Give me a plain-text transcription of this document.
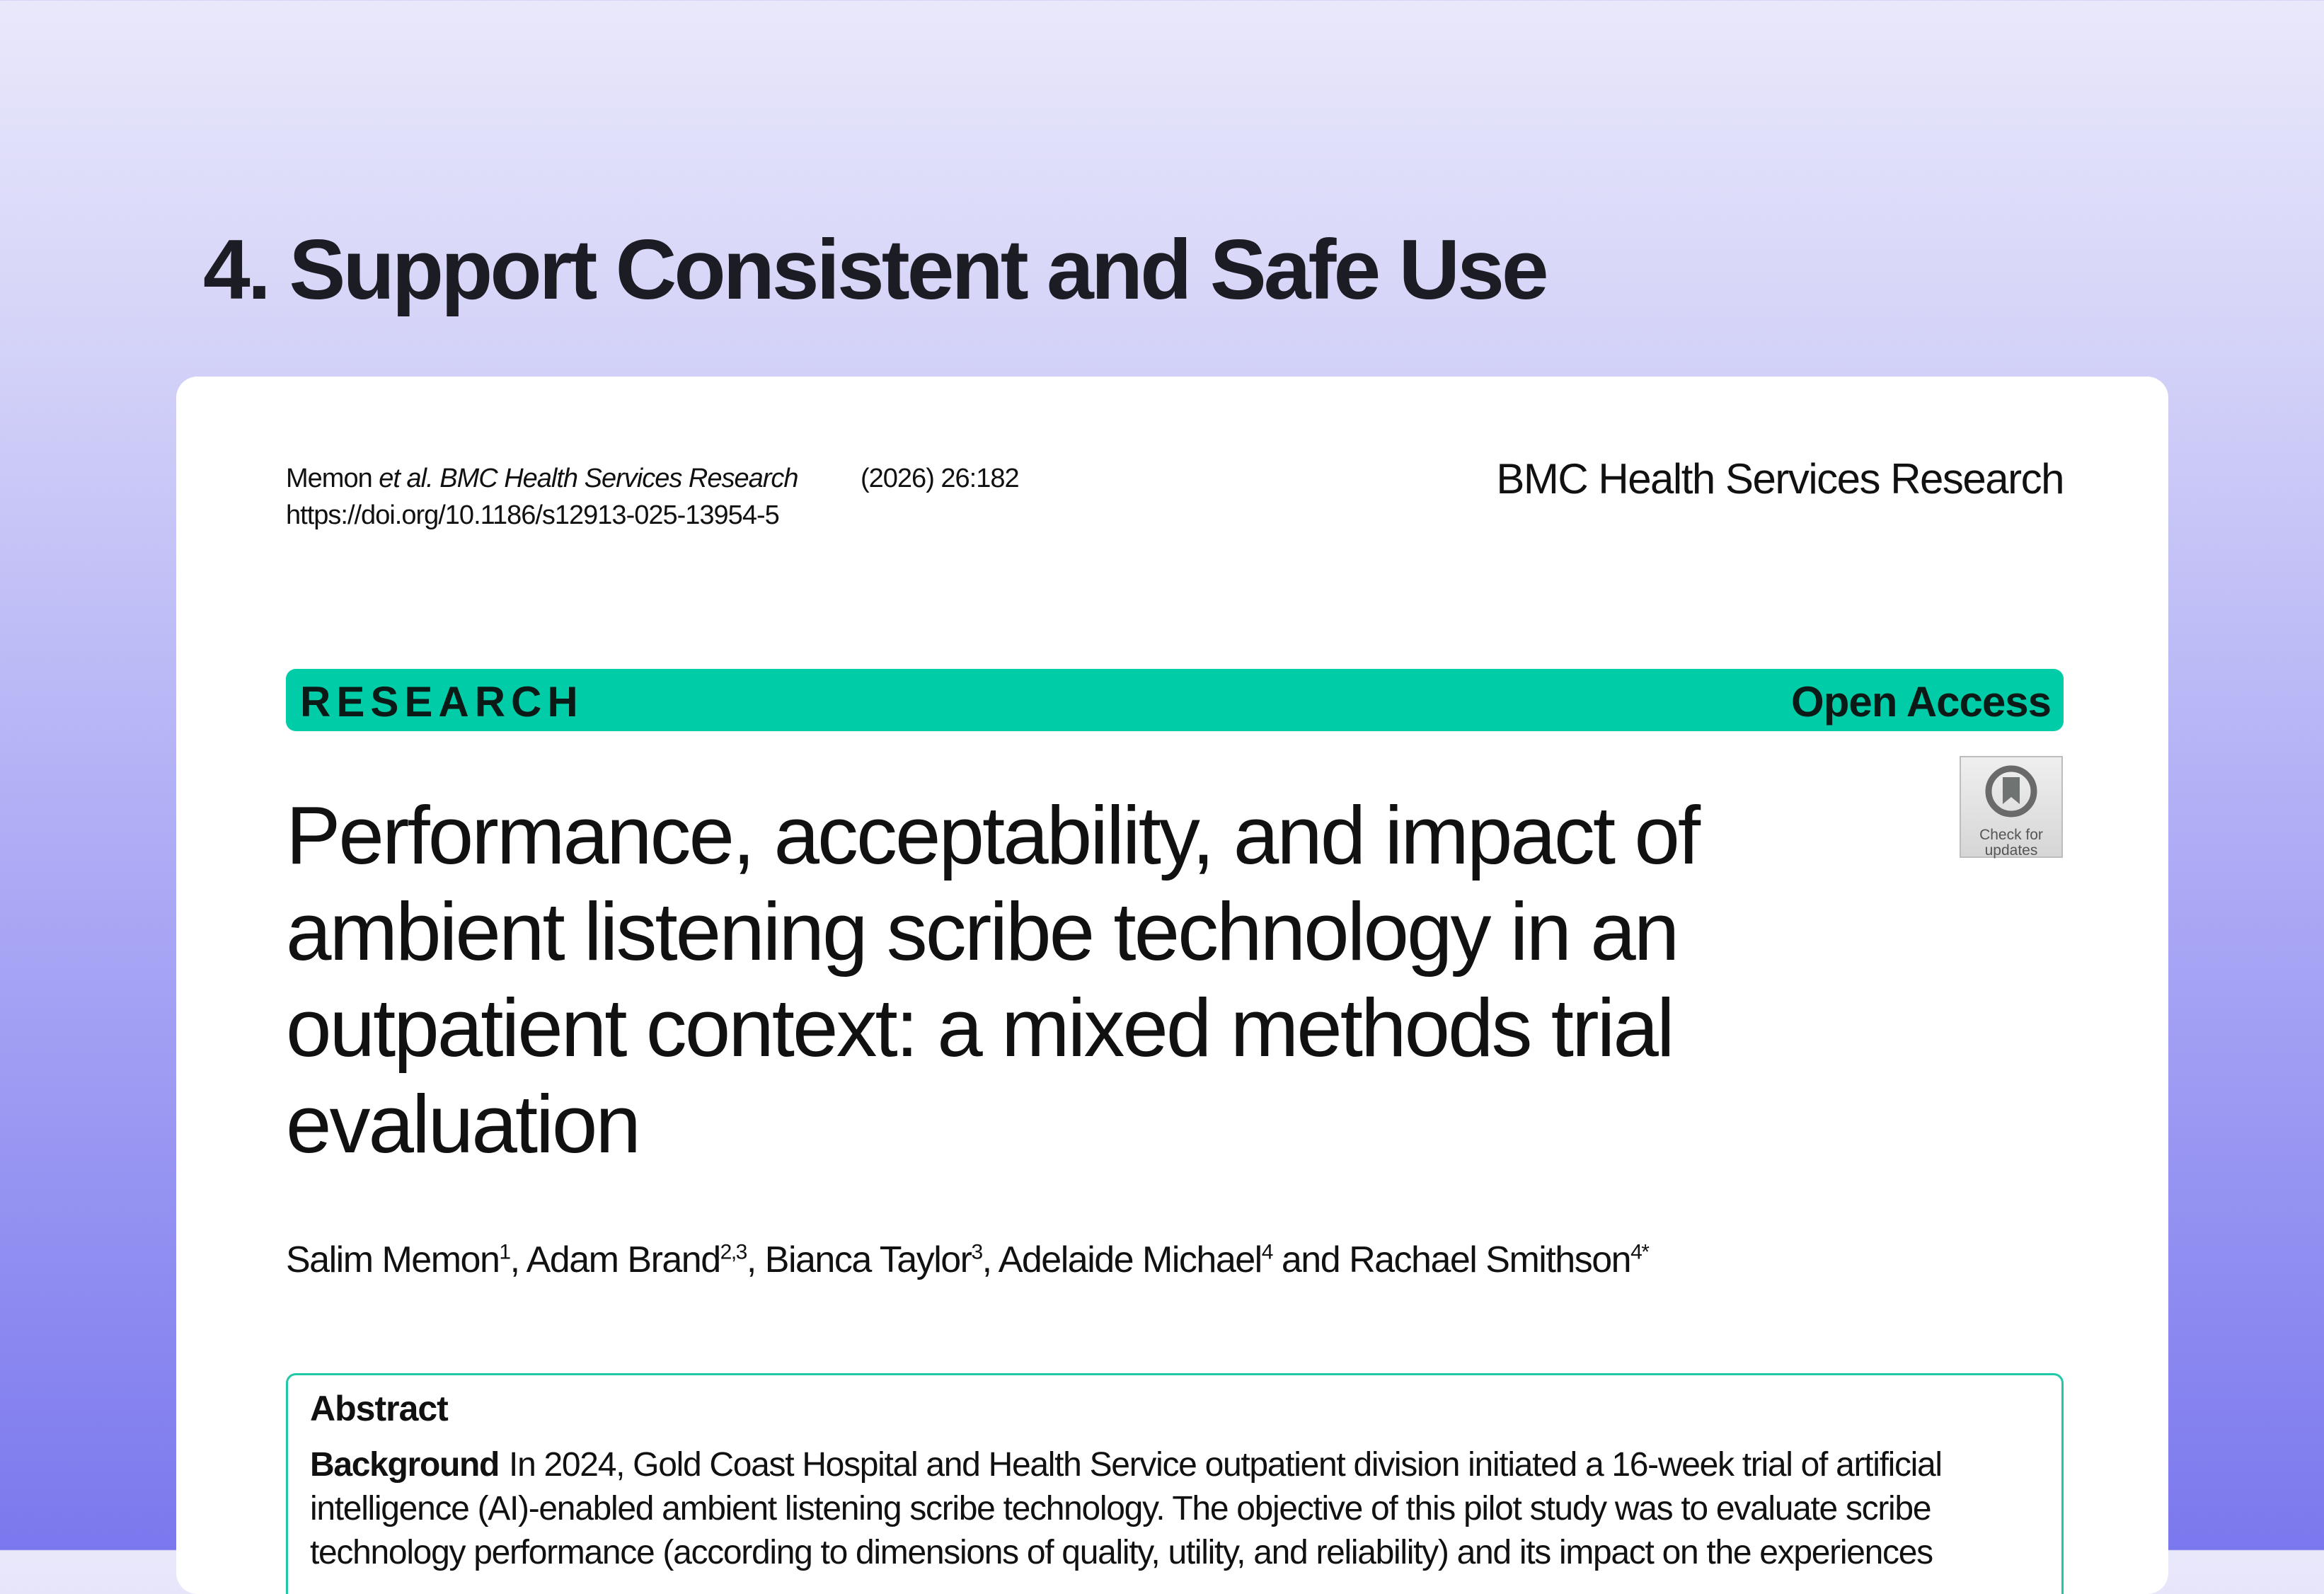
4. Support Consistent and Safe Use
Memon et al. BMC Health Services Research (2026) 26:182
https://doi.org/10.1186/s12913-025-13954-5
BMC Health Services Research
RESEARCH	Open Access
Check for updates
Performance, acceptability, and impact of ambient listening scribe technology in an outpatient context: a mixed methods trial evaluation
Salim Memon$^1$, Adam Brand$^{2,3}$, Bianca Taylor$^3$, Adelaide Michael$^4$ and Rachael Smithson$^{4*}$
Abstract

Background In 2024, Gold Coast Hospital and Health Service outpatient division initiated a 16-week trial of artificial intelligence (AI)-enabled ambient listening scribe technology. The objective of this pilot study was to evaluate scribe technology performance (according to dimensions of quality, utility, and reliability) and its impact on the experiences
